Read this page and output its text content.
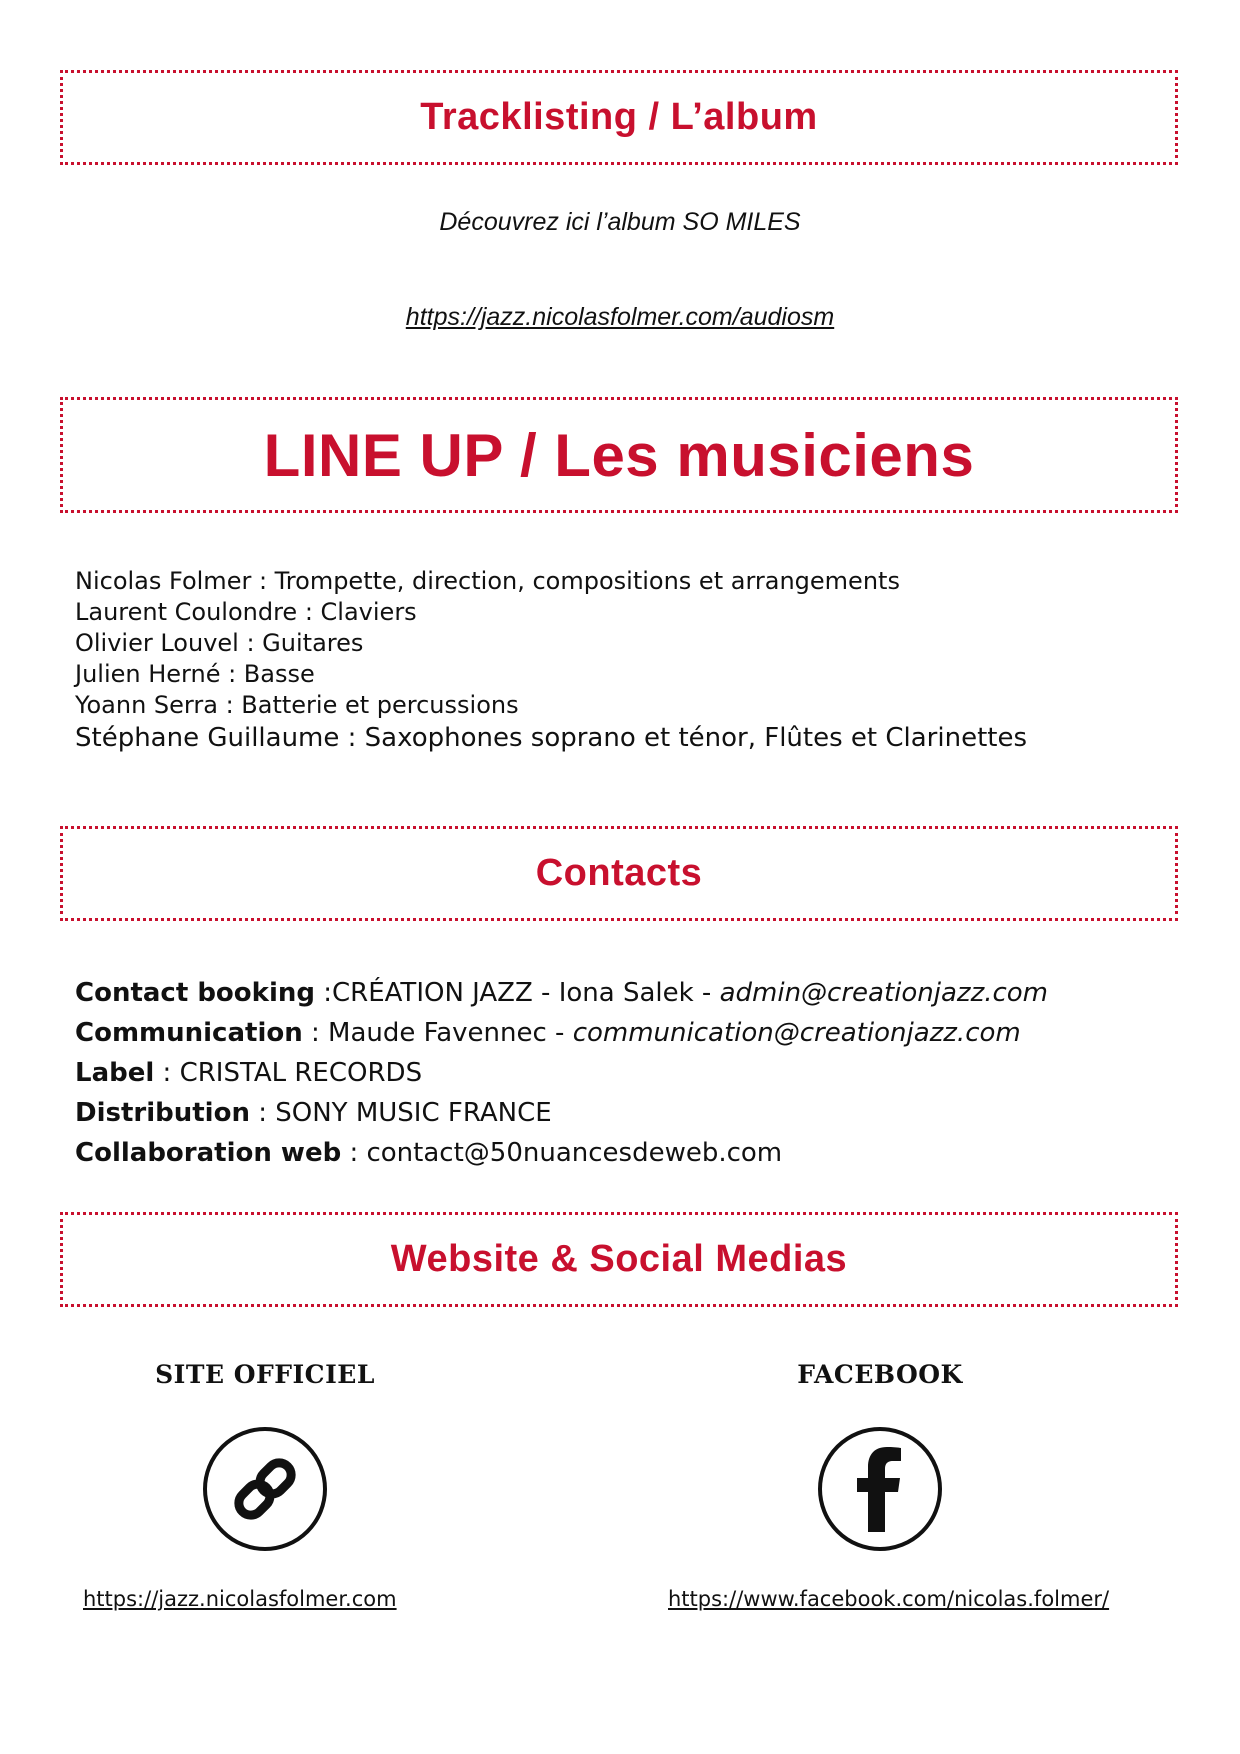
Tracklisting / L’album
Découvrez ici l’album SO MILES
https://jazz.nicolasfolmer.com/audiosm
LINE UP / Les musiciens
Nicolas Folmer : Trompette, direction, compositions et arrangements
Laurent Coulondre : Claviers
Olivier Louvel : Guitares
Julien Herné : Basse
Yoann Serra : Batterie et percussions
Stéphane Guillaume : Saxophones soprano et ténor, Flûtes et Clarinettes
Contacts
Contact booking :CRÉATION JAZZ - Iona Salek - admin@creationjazz.com
Communication : Maude Favennec - communication@creationjazz.com
Label : CRISTAL RECORDS
Distribution : SONY MUSIC FRANCE
Collaboration web : contact@50nuancesdeweb.com
Website & Social Medias
SITE OFFICIEL
https://jazz.nicolasfolmer.com
FACEBOOK
https://www.facebook.com/nicolas.folmer/
